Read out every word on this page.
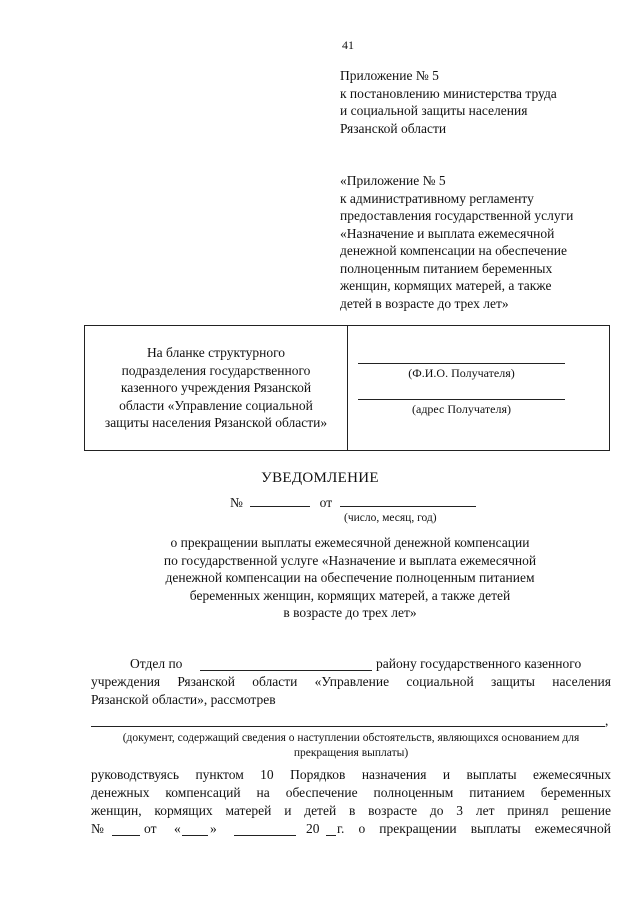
41
Приложение № 5
к постановлению министерства труда
и социальной защиты населения
Рязанской области
«Приложение № 5
к административному регламенту
предоставления государственной услуги
«Назначение и выплата ежемесячной
денежной компенсации на обеспечение
полноценным питанием беременных
женщин, кормящих матерей, а также
детей в возрасте до трех лет»
На бланке структурного
подразделения государственного
казенного учреждения Рязанской
области «Управление социальной
защиты населения Рязанской области»
(Ф.И.О. Получателя)
(адрес Получателя)
УВЕДОМЛЕНИЕ
№	от
(число, месяц, год)
о прекращении выплаты ежемесячной денежной компенсации
по государственной услуге «Назначение и выплата ежемесячной
денежной компенсации на обеспечение полноценным питанием
беременных женщин, кормящих матерей, а также детей
в возрасте до трех лет»
Отдел по	району государственного казенного
учреждения Рязанской области «Управление социальной защиты населения
Рязанской области», рассмотрев
,
(документ, содержащий сведения о наступлении обстоятельств, являющихся основанием для
прекращения выплаты)
руководствуясь пунктом 10 Порядков назначения и выплаты ежемесячных
денежных компенсаций на обеспечение полноценным питанием беременных
женщин, кормящих матерей и детей в возрасте до 3 лет принял решение
№	от « »	20 г. о прекращении выплаты ежемесячной
